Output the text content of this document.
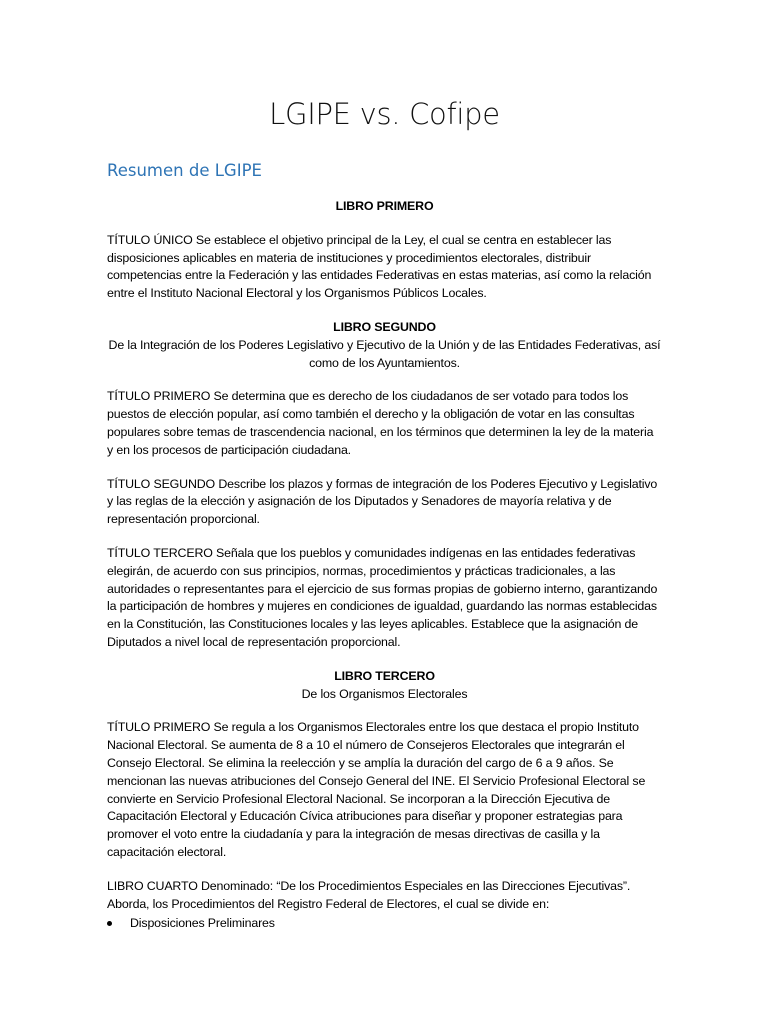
LGIPE vs. Cofipe
Resumen de LGIPE

LIBRO PRIMERO

TÍTULO ÚNICO Se establece el objetivo principal de la Ley, el cual se centra en establecer las disposiciones aplicables en materia de instituciones y procedimientos electorales, distribuir competencias entre la Federación y las entidades Federativas en estas materias, así como la relación entre el Instituto Nacional Electoral y los Organismos Públicos Locales.

LIBRO SEGUNDO
De la Integración de los Poderes Legislativo y Ejecutivo de la Unión y de las Entidades Federativas, así como de los Ayuntamientos.

TÍTULO PRIMERO Se determina que es derecho de los ciudadanos de ser votado para todos los puestos de elección popular, así como también el derecho y la obligación de votar en las consultas populares sobre temas de trascendencia nacional, en los términos que determinen la ley de la materia y en los procesos de participación ciudadana.

TÍTULO SEGUNDO Describe los plazos y formas de integración de los Poderes Ejecutivo y Legislativo y las reglas de la elección y asignación de los Diputados y Senadores de mayoría relativa y de representación proporcional.

TÍTULO TERCERO Señala que los pueblos y comunidades indígenas en las entidades federativas elegirán, de acuerdo con sus principios, normas, procedimientos y prácticas tradicionales, a las autoridades o representantes para el ejercicio de sus formas propias de gobierno interno, garantizando la participación de hombres y mujeres en condiciones de igualdad, guardando las normas establecidas en la Constitución, las Constituciones locales y las leyes aplicables. Establece que la asignación de Diputados a nivel local de representación proporcional.

LIBRO TERCERO
De los Organismos Electorales

TÍTULO PRIMERO Se regula a los Organismos Electorales entre los que destaca el propio Instituto Nacional Electoral. Se aumenta de 8 a 10 el número de Consejeros Electorales que integrarán el Consejo Electoral. Se elimina la reelección y se amplía la duración del cargo de 6 a 9 años. Se mencionan las nuevas atribuciones del Consejo General del INE. El Servicio Profesional Electoral se convierte en Servicio Profesional Electoral Nacional. Se incorporan a la Dirección Ejecutiva de Capacitación Electoral y Educación Cívica atribuciones para diseñar y proponer estrategias para promover el voto entre la ciudadanía y para la integración de mesas directivas de casilla y la capacitación electoral.

LIBRO CUARTO Denominado: “De los Procedimientos Especiales en las Direcciones Ejecutivas”. Aborda, los Procedimientos del Registro Federal de Electores, el cual se divide en:

Disposiciones Preliminares
